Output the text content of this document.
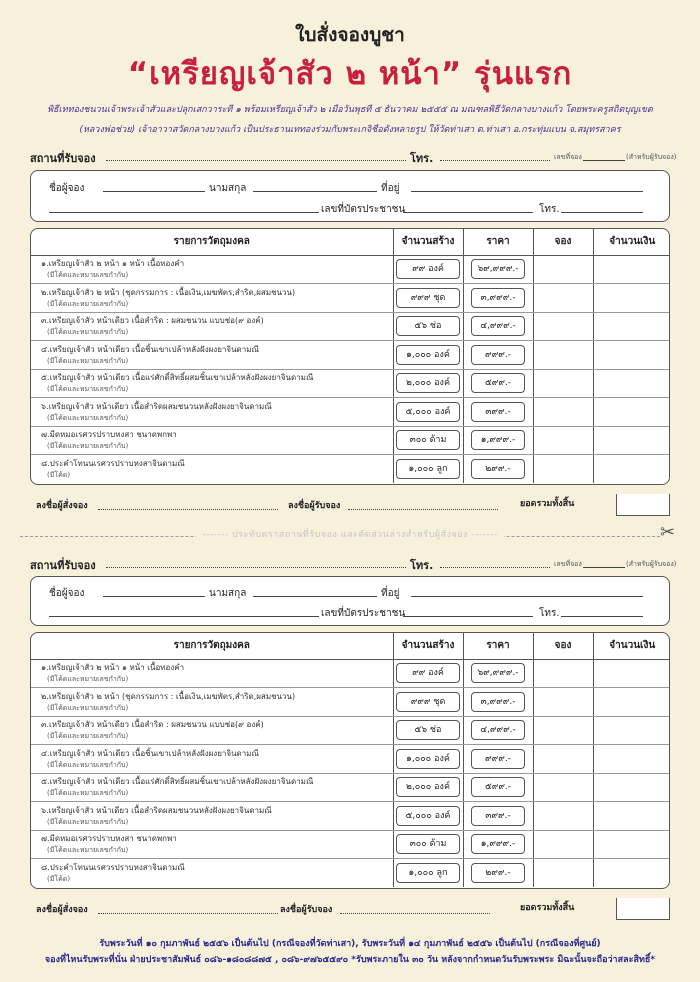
ใบสั่งจองบูชา
“เหรียญเจ้าสัว ๒ หน้า” รุ่นแรก
พิธีเททองชนวนเจ้าพระเจ้าสัวและปลุกเสกวาระที่ ๑ พร้อมเหรียญเจ้าสัว ๒ เมื่อวันพุธที่ ๕ ธันวาคม ๒๕๕๕ ณ มณฑลพิธีวัดกลางบางแก้ว โดยพระครูสถิตบุญเขต
(หลวงพ่อช่วย) เจ้าอาวาสวัดกลางบางแก้ว เป็นประธานเททองร่วมกับพระเกจิชื่อดังหลายรูป ให้วัดท่าเสา ต.ท่าเสา อ.กระทุ่มแบน จ.สมุทรสาคร
สถานที่รับจอง	โทร.	เลขที่จอง	(สำหรับผู้รับจอง)
ชื่อผู้จอง	นามสกุล	ที่อยู่
เลขที่บัตรประชาชน	โทร.
รายการวัตถุมงคล	จำนวนสร้าง	ราคา	จอง	จำนวนเงิน

๑.เหรียญเจ้าสัว ๒ หน้า ๑ หน้า เนื้อทองคำ
(มีโค้ดและหมายเลขกำกับ)	๙๙ องค์	๖๙,๙๙๙.-		

๒.เหรียญเจ้าสัว ๒ หน้า (ชุดกรรมการ : เนื้อเงิน,เมฆพัตร,สำริด,ผสมชนวน)
(มีโค้ดและหมายเลขกำกับ)	๙๙๙ ชุด	๓,๙๙๙.-		

๓.เหรียญเจ้าสัว หน้าเดียว เนื้อสำริด : ผสมชนวน แบบช่อ(๙ องค์)
(มีโค้ดและหมายเลขกำกับ)	๕๖ ช่อ	๔,๙๙๙.-		

๔.เหรียญเจ้าสัว หน้าเดียว เนื้อชิ้นเขาเปล้าหลังฝังผงยาจินดามณี
(มีโค้ดและหมายเลขกำกับ)	๑,๐๐๐ องค์	๙๙๙.-		

๕.เหรียญเจ้าสัว หน้าเดียว เนื้อแร่ศักดิ์สิทธิ์ผสมชิ้นเขาเปล้าหลังฝังผงยาจินดามณี
(มีโค้ดและหมายเลขกำกับ)	๒,๐๐๐ องค์	๕๙๙.-		

๖.เหรียญเจ้าสัว หน้าเดียว เนื้อสำริดผสมชนวนหลังฝังผงยาจินดามณี
(มีโค้ดและหมายเลขกำกับ)	๕,๐๐๐ องค์	๓๙๙.-		

๗.มีดหมอเรศวรปราบหงสา ชนาดพกพา
(มีโค้ดและหมายเลขกำกับ)	๓๐๐ ด้าม	๑,๙๙๙.-		

๘.ประคำโทนนเรศวรปราบหงสาจินดามณี
(มีโค้ด)	๑,๐๐๐ ลูก	๒๙๙.-		
ลงชื่อผู้สั่งจอง	ลงชื่อผู้รับจอง	ยอดรวมทั้งสิ้น
------- ประทับตราสถานที่รับจอง และตัดส่วนล่างสำหรับผู้สั่งจอง -------	✂
สถานที่รับจอง	โทร.	เลขที่จอง	(สำหรับผู้รับจอง)
ชื่อผู้จอง	นามสกุล	ที่อยู่
เลขที่บัตรประชาชน	โทร.
รายการวัตถุมงคล	จำนวนสร้าง	ราคา	จอง	จำนวนเงิน

๑.เหรียญเจ้าสัว ๒ หน้า ๑ หน้า เนื้อทองคำ
(มีโค้ดและหมายเลขกำกับ)	๙๙ องค์	๖๙,๙๙๙.-		

๒.เหรียญเจ้าสัว ๒ หน้า (ชุดกรรมการ : เนื้อเงิน,เมฆพัตร,สำริด,ผสมชนวน)
(มีโค้ดและหมายเลขกำกับ)	๙๙๙ ชุด	๓,๙๙๙.-		

๓.เหรียญเจ้าสัว หน้าเดียว เนื้อสำริด : ผสมชนวน แบบช่อ(๙ องค์)
(มีโค้ดและหมายเลขกำกับ)	๕๖ ช่อ	๔,๙๙๙.-		

๔.เหรียญเจ้าสัว หน้าเดียว เนื้อชิ้นเขาเปล้าหลังฝังผงยาจินดามณี
(มีโค้ดและหมายเลขกำกับ)	๑,๐๐๐ องค์	๙๙๙.-		

๕.เหรียญเจ้าสัว หน้าเดียว เนื้อแร่ศักดิ์สิทธิ์ผสมชิ้นเขาเปล้าหลังฝังผงยาจินดามณี
(มีโค้ดและหมายเลขกำกับ)	๒,๐๐๐ องค์	๕๙๙.-		

๖.เหรียญเจ้าสัว หน้าเดียว เนื้อสำริดผสมชนวนหลังฝังผงยาจินดามณี
(มีโค้ดและหมายเลขกำกับ)	๕,๐๐๐ องค์	๓๙๙.-		

๗.มีดหมอเรศวรปราบหงสา ชนาดพกพา
(มีโค้ดและหมายเลขกำกับ)	๓๐๐ ด้าม	๑,๙๙๙.-		

๘.ประคำโทนนเรศวรปราบหงสาจินดามณี
(มีโค้ด)	๑,๐๐๐ ลูก	๒๙๙.-		
ลงชื่อผู้สั่งจอง	ลงชื่อผู้รับจอง	ยอดรวมทั้งสิ้น
รับพระวันที่ ๑๐ กุมภาพันธ์ ๒๕๕๖ เป็นต้นไป (กรณีจองที่วัดท่าเสา), รับพระวันที่ ๑๔ กุมภาพันธ์ ๒๕๕๖ เป็นต้นไป (กรณีจองที่ศูนย์)
จองที่ไหนรับพระที่นั่น ฝ่ายประชาสัมพันธ์ ๐๘๖-๑๘๐๘๘๗๕ , ๐๘๖-๙๗๖๕๕๙๐ *รับพระภายใน ๓๐ วัน หลังจากกำหนดวันรับพระพระ มิฉะนั้นจะถือว่าสละสิทธิ์*
